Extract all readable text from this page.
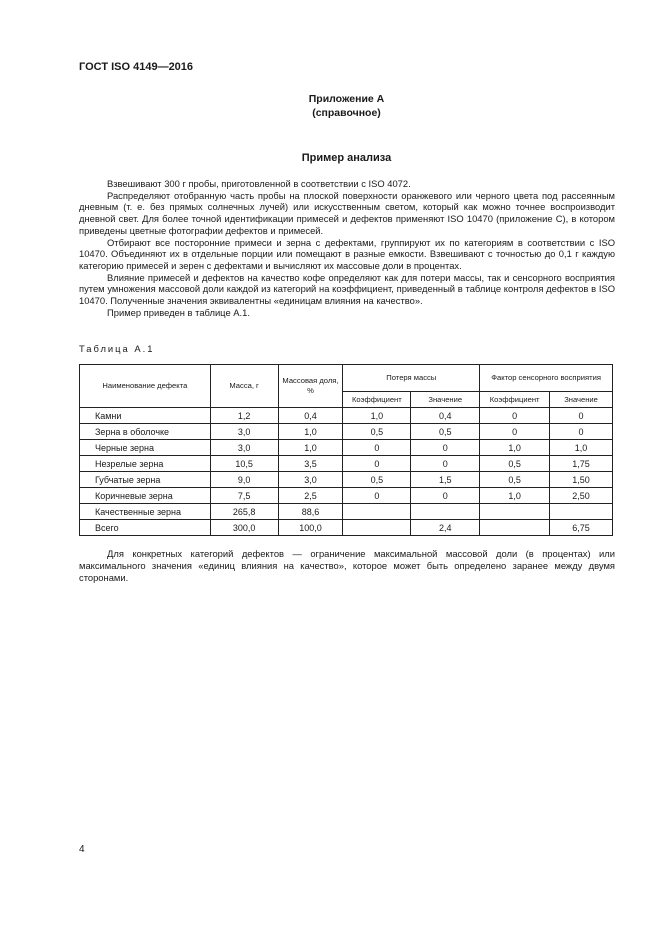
ГОСТ ISO 4149—2016
Приложение А
(справочное)
Пример анализа

Взвешивают 300 г пробы, приготовленной в соответствии с ISO 4072.

Распределяют отобранную часть пробы на плоской поверхности оранжевого или черного цвета под рассеянным дневным (т. е. без прямых солнечных лучей) или искусственным светом, который как можно точнее воспроизводит дневной свет. Для более точной идентификации примесей и дефектов применяют ISO 10470 (приложение С), в котором приведены цветные фотографии дефектов и примесей.

Отбирают все посторонние примеси и зерна с дефектами, группируют их по категориям в соответствии с ISO 10470. Объединяют их в отдельные порции или помещают в разные емкости. Взвешивают с точностью до 0,1 г каждую категорию примесей и зерен с дефектами и вычисляют их массовые доли в процентах.

Влияние примесей и дефектов на качество кофе определяют как для потери массы, так и сенсорного восприятия путем умножения массовой доли каждой из категорий на коэффициент, приведенный в таблице контроля дефектов в ISO 10470. Полученные значения эквивалентны «единицам влияния на качество».

Пример приведен в таблице А.1.

Таблица А.1
Наименование дефекта	Масса, г	Массовая доля, %	Потеря массы		Фактор сенсорного восприятия	
			Коэффициент	Значение	Коэффициент	Значение
Камни	1,2	0,4	1,0	0,4	0	0
Зерна в оболочке	3,0	1,0	0,5	0,5	0	0
Черные зерна	3,0	1,0	0	0	1,0	1,0
Незрелые зерна	10,5	3,5	0	0	0,5	1,75
Губчатые зерна	9,0	3,0	0,5	1,5	0,5	1,50
Коричневые зерна	7,5	2,5	0	0	1,0	2,50
Качественные зерна	265,8	88,6				
Всего	300,0	100,0		2,4		6,75

Для конкретных категорий дефектов — ограничение максимальной массовой доли (в процентах) или максимального значения «единиц влияния на качество», которое может быть определено заранее между двумя сторонами.

4
